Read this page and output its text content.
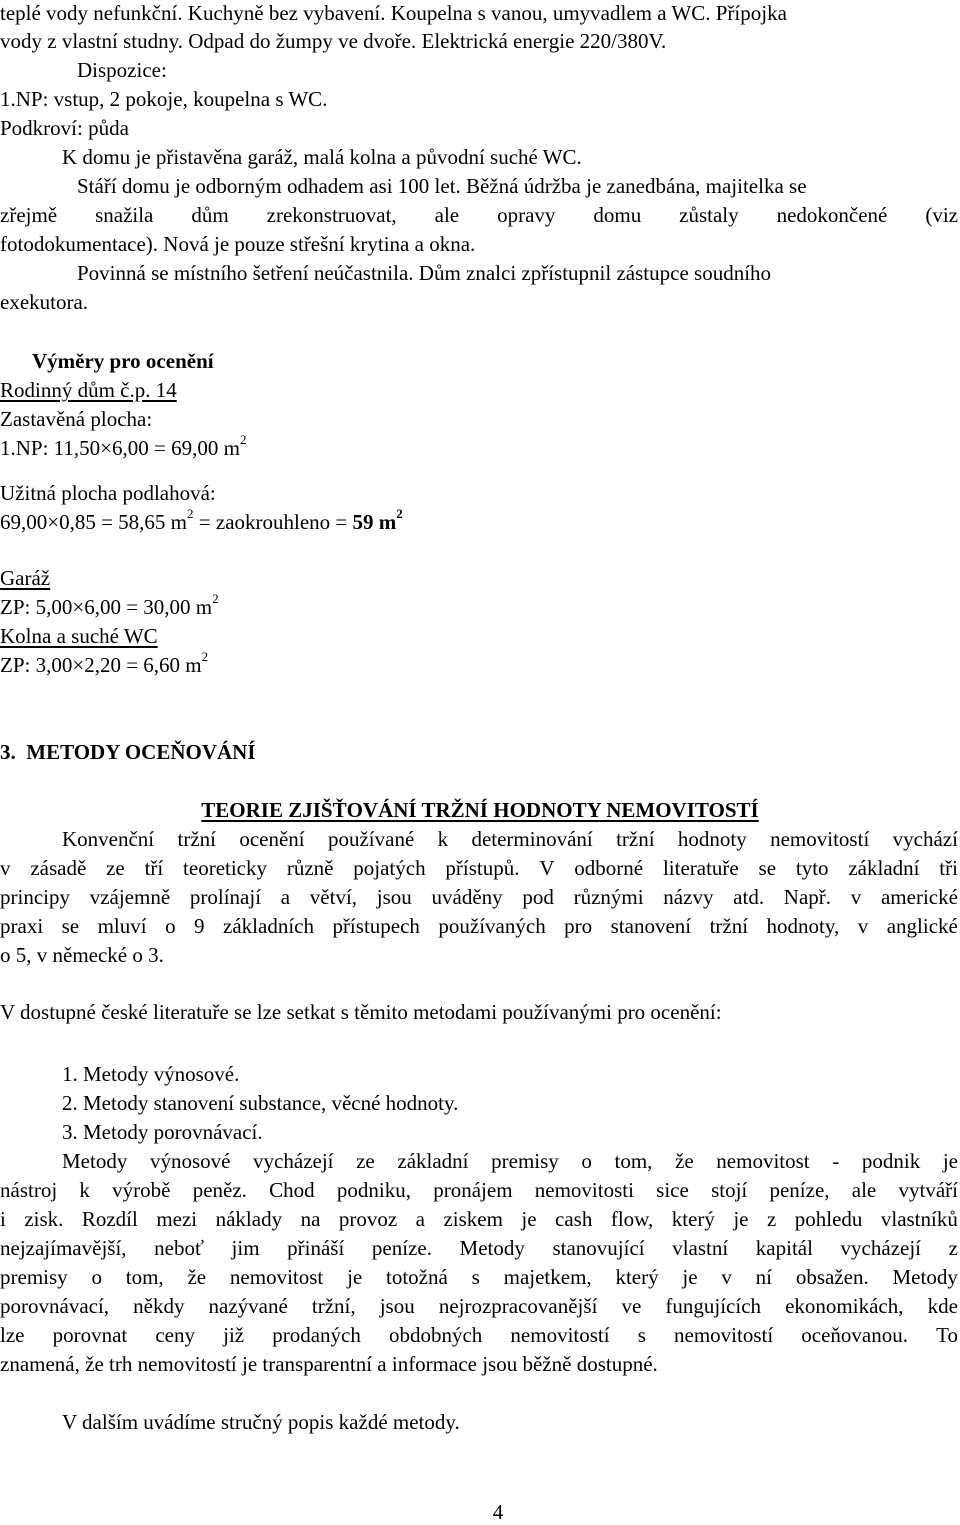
teplé vody nefunkční. Kuchyně bez vybavení. Koupelna s vanou, umyvadlem a WC. Přípojka
vody z vlastní studny. Odpad do žumpy ve dvoře. Elektrická energie 220/380V.
Dispozice:
1.NP: vstup, 2 pokoje, koupelna s WC.
Podkroví: půda
K domu je přistavěna garáž, malá kolna a původní suché WC.
Stáří domu je odborným odhadem asi 100 let. Běžná údržba je zanedbána, majitelka se
zřejmě snažila dům zrekonstruovat, ale opravy domu zůstaly nedokončené (viz
fotodokumentace). Nová je pouze střešní krytina a okna.
Povinná se místního šetření neúčastnila. Dům znalci zpřístupnil zástupce soudního
exekutora.
Výměry pro ocenění
Rodinný dům č.p. 14
Zastavěná plocha:
1.NP: 11,50×6,00 = 69,00 $m^2$
Užitná plocha podlahová:
69,00×0,85 = 58,65 $m^2$ = zaokrouhleno = 59 $m^2$
Garáž
ZP: 5,00×6,00 = 30,00 $m^2$
Kolna a suché WC
ZP: 3,00×2,20 = 6,60 $m^2$
3.  METODY OCEŇOVÁNÍ
TEORIE ZJIŠŤOVÁNÍ TRŽNÍ HODNOTY NEMOVITOSTÍ
Konvenční tržní ocenění používané k determinování tržní hodnoty nemovitostí vychází
v zásadě ze tří teoreticky různě pojatých přístupů. V odborné literatuře se tyto základní tři
principy vzájemně prolínají a větví, jsou uváděny pod různými názvy atd. Např. v americké
praxi se mluví o 9 základních přístupech používaných pro stanovení tržní hodnoty, v anglické
o 5, v německé o 3.
V dostupné české literatuře se lze setkat s těmito metodami používanými pro ocenění:
1. Metody výnosové.
2. Metody stanovení substance, věcné hodnoty.
3. Metody porovnávací.
Metody výnosové vycházejí ze základní premisy o tom, že nemovitost - podnik je
nástroj k výrobě peněz. Chod podniku, pronájem nemovitosti sice stojí peníze, ale vytváří
i zisk. Rozdíl mezi náklady na provoz a ziskem je cash flow, který je z pohledu vlastníků
nejzajímavější, neboť jim přináší peníze. Metody stanovující vlastní kapitál vycházejí z
premisy o tom, že nemovitost je totožná s majetkem, který je v ní obsažen. Metody
porovnávací, někdy nazývané tržní, jsou nejrozpracovanější ve fungujících ekonomikách, kde
lze porovnat ceny již prodaných obdobných nemovitostí s nemovitostí oceňovanou. To
znamená, že trh nemovitostí je transparentní a informace jsou běžně dostupné.
V dalším uvádíme stručný popis každé metody.
4
